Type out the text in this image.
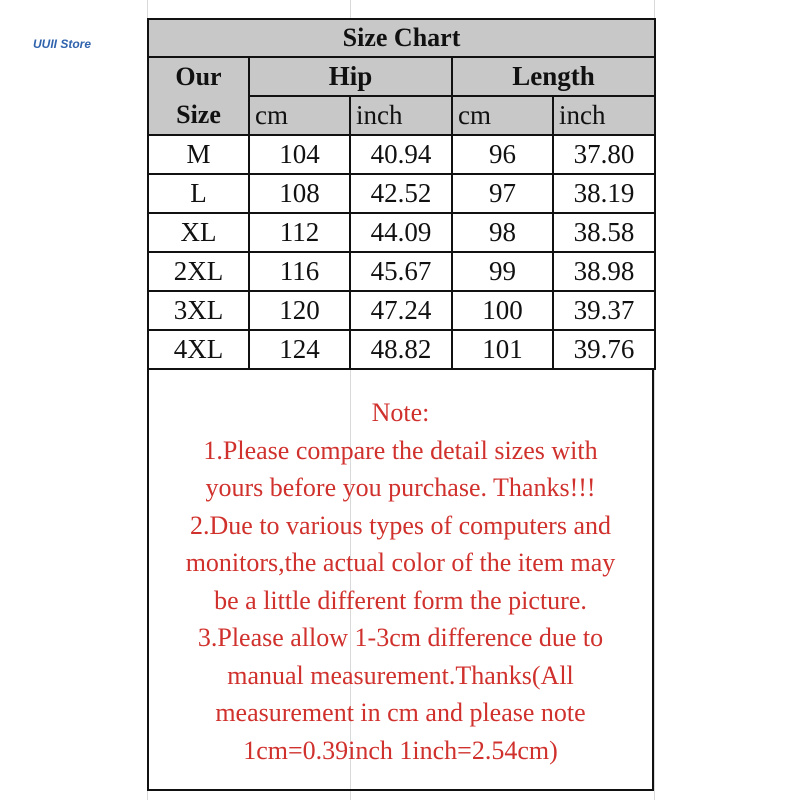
UUII Store	Size Chart				
Our
Size	Hip		Length	
	cm	inch	cm	inch
M	104	40.94	96	37.80
L	108	42.52	97	38.19
XL	112	44.09	98	38.58
2XL	116	45.67	99	38.98
3XL	120	47.24	100	39.37
4XL	124	48.82	101	39.76
Note:
1.Please compare the detail sizes with
yours before you purchase. Thanks!!!
2.Due to various types of computers and
monitors,the actual color of the item may
be a little different form the picture.
3.Please allow 1-3cm difference due to
manual measurement.Thanks(All
measurement in cm and please note
1cm=0.39inch 1inch=2.54cm)
